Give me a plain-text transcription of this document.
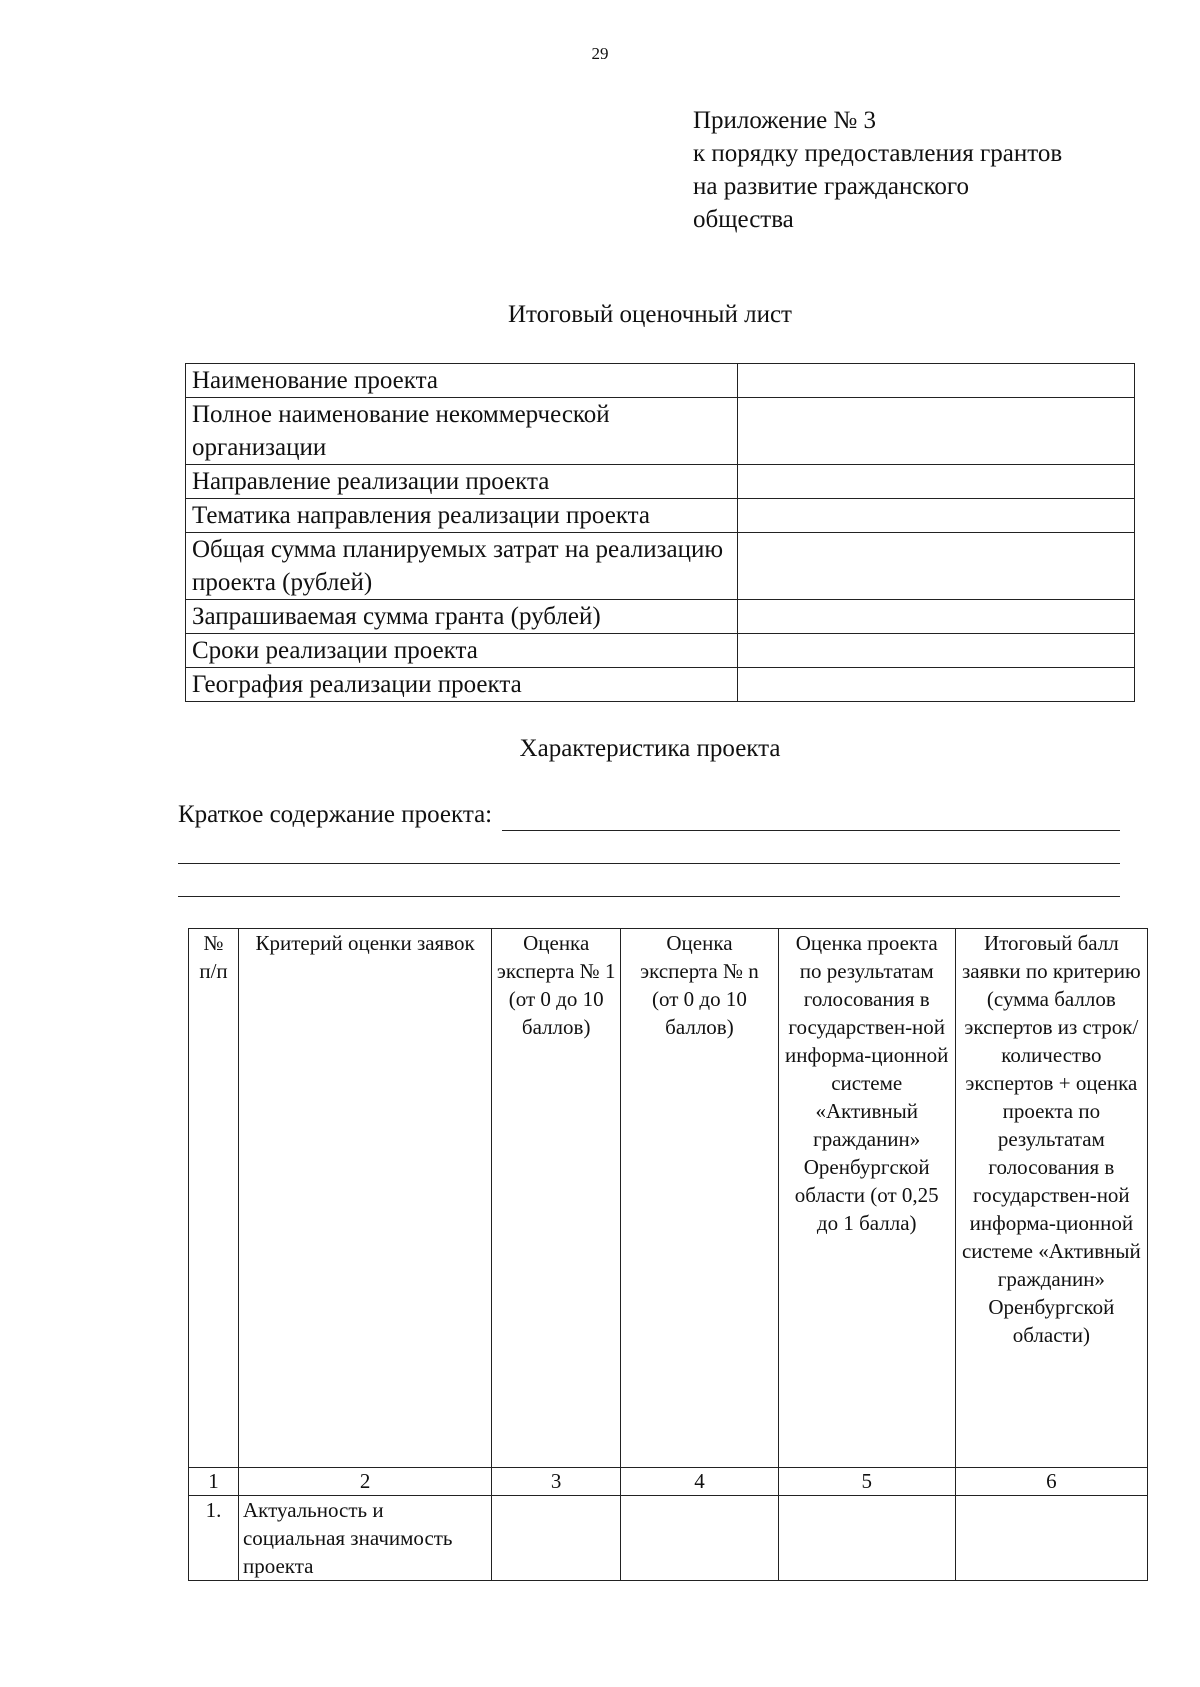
29
Приложение № 3
к порядку предоставления грантов
на развитие гражданского
общества
Итоговый оценочный лист
Наименование проекта	
Полное наименование некоммерческой организации	
Направление реализации проекта	
Тематика направления реализации проекта	
Общая сумма планируемых затрат на реализацию проекта (рублей)	
Запрашиваемая сумма гранта (рублей)	
Сроки реализации проекта	
География реализации проекта	
Характеристика проекта
Краткое содержание проекта:
№ п/п	Критерий оценки заявок	Оценка эксперта № 1 (от 0 до 10 баллов)	Оценка эксперта № n (от 0 до 10 баллов)	Оценка проекта по результатам голосования в государствен-ной информа-ционной системе «Активный гражданин» Оренбургской области (от 0,25 до 1 балла)	Итоговый балл заявки по критерию (сумма баллов экспертов из строк/ количество экспертов + оценка проекта по результатам голосования в государствен-ной информа-ционной системе «Активный гражданин» Оренбургской области)
1	2	3	4	5	6
1.	Актуальность и социальная значимость проекта				
